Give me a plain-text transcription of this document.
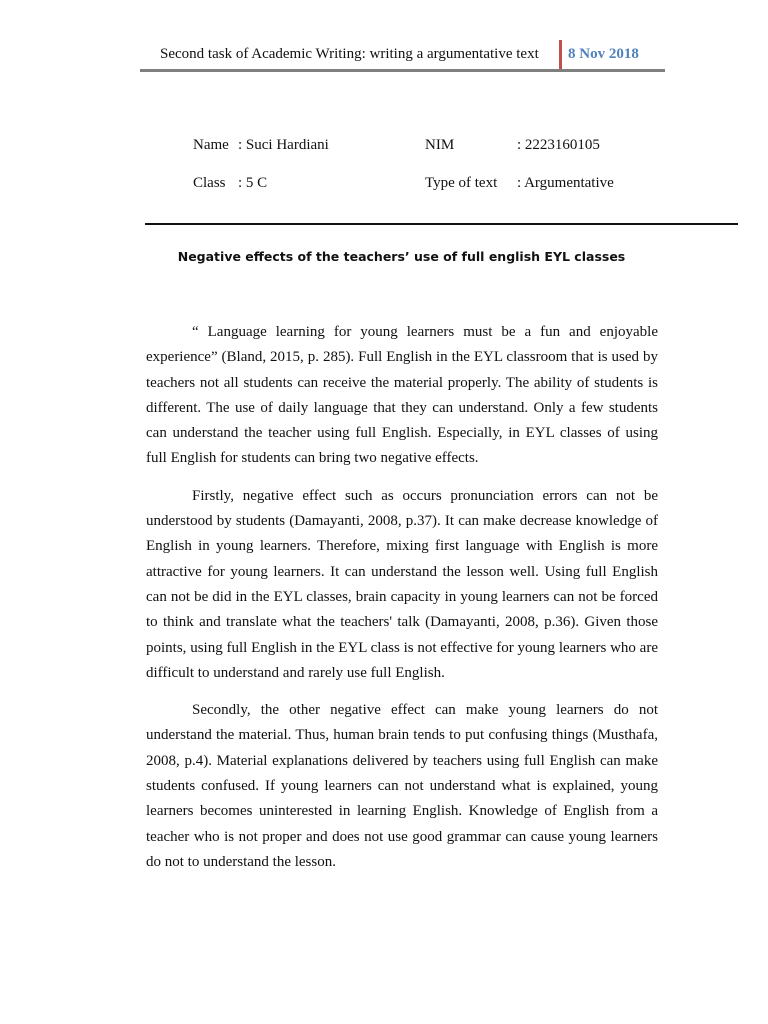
Second task of Academic Writing: writing a argumentative text 8 Nov 2018
Name : Suci Hardiani	NIM	: 2223160105
Class : 5 C	Type of text : Argumentative
Negative effects of the teachers’ use of full english EYL classes

“ Language learning for young learners must be a fun and enjoyable experience” (Bland, 2015, p. 285). Full English in the EYL classroom that is used by teachers not all students can receive the material properly. The ability of students is different. The use of daily language that they can understand. Only a few students can understand the teacher using full English. Especially, in EYL classes of using full English for students can bring two negative effects.

Firstly, negative effect such as occurs pronunciation errors can not be understood by students (Damayanti, 2008, p.37). It can make decrease knowledge of English in young learners. Therefore, mixing first language with English is more attractive for young learners. It can understand the lesson well. Using full English can not be did in the EYL classes, brain capacity in young learners can not be forced to think and translate what the teachers' talk (Damayanti, 2008, p.36). Given those points, using full English in the EYL class is not effective for young learners who are difficult to understand and rarely use full English.

Secondly, the other negative effect can make young learners do not understand the material. Thus, human brain tends to put confusing things (Musthafa, 2008, p.4). Material explanations delivered by teachers using full English can make students confused. If young learners can not understand what is explained, young learners becomes uninterested in learning English. Knowledge of English from a teacher who is not proper and does not use good grammar can cause young learners do not to understand the lesson.
